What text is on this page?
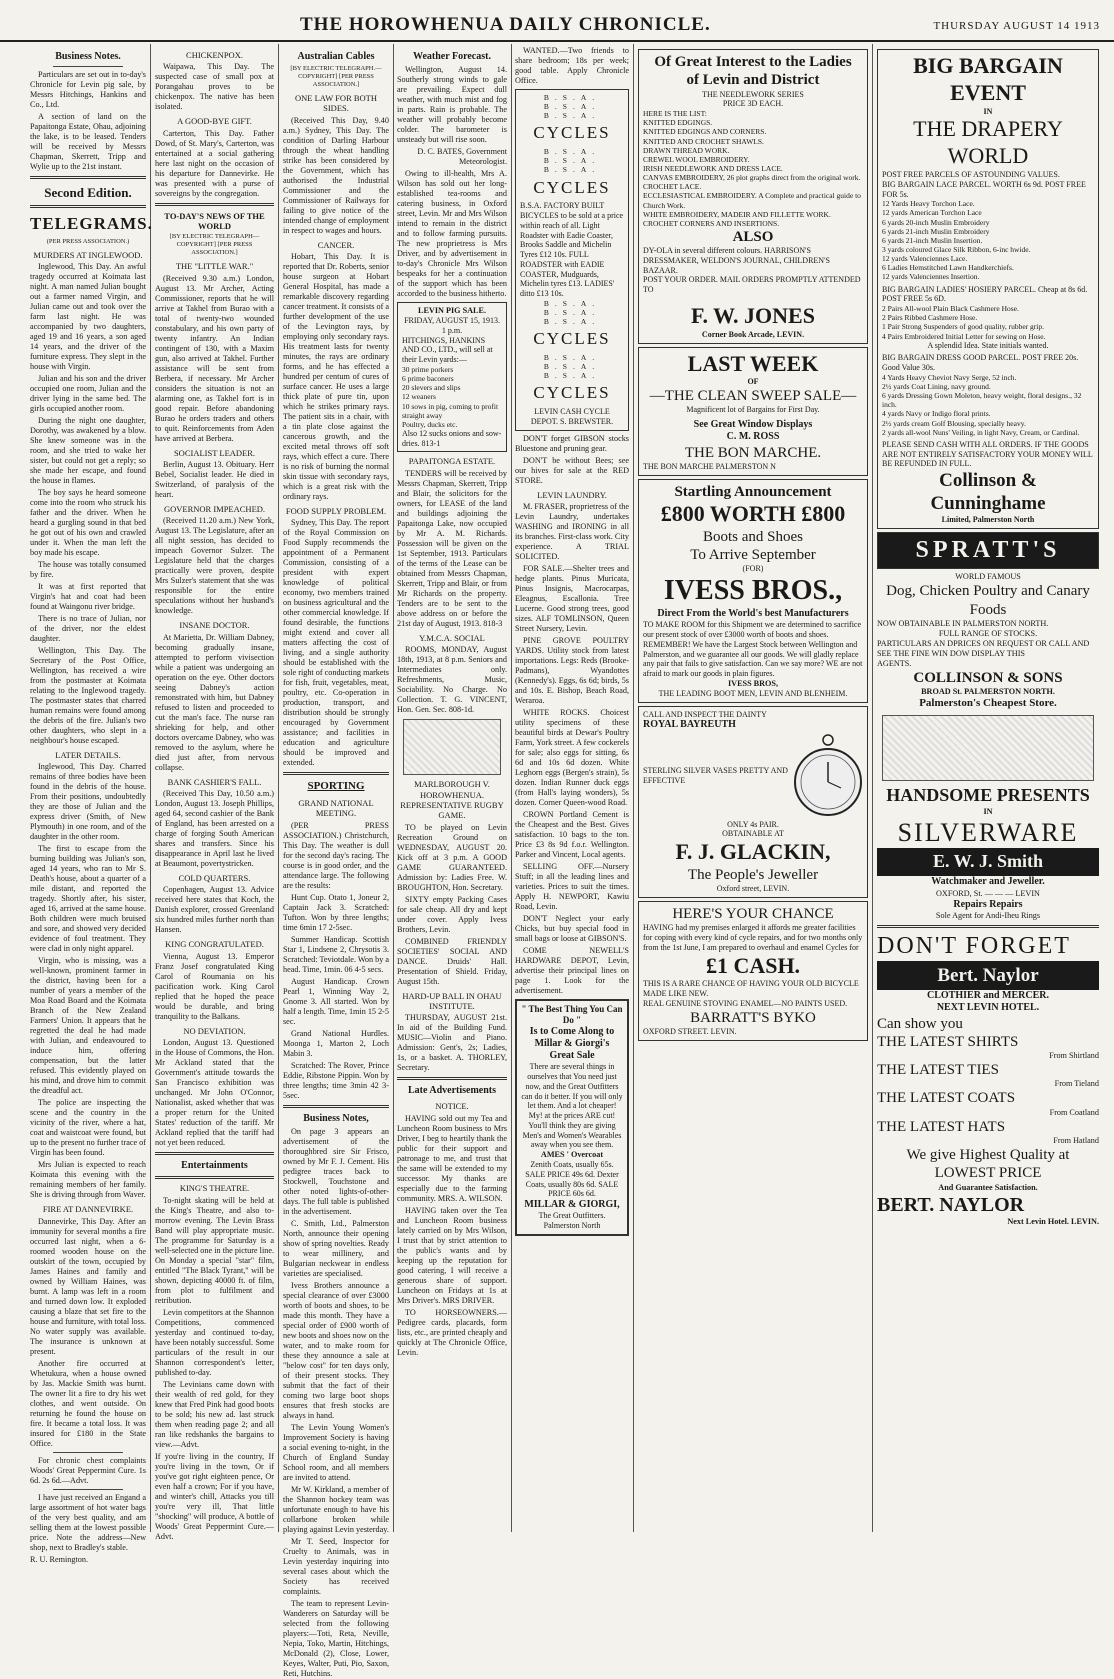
THE HOROWHENUA DAILY CHRONICLE.	THURSDAY AUGUST 14 1913
Business Notes.

Particulars are set out in to-day's Chronicle for Levin pig sale, by Messrs Hitchings, Hankins and Co., Ltd.

A section of land on the Papaitonga Estate, Ohau, adjoining the lake, is to be leased. Tenders will be received by Messrs Chapman, Skerrett, Tripp and Wylie up to the 21st instant.

Second Edition.
TELEGRAMS.
(PER PRESS ASSOCIATION.)
MURDERS AT INGLEWOOD.

Inglewood, This Day. An awful tragedy occurred at Koimata last night. A man named Julian bought out a farmer named Virgin, and Julian came out and took over the farm last night. He was accompanied by two daughters, aged 19 and 16 years, a son aged 14 years, and the driver of the furniture express. They slept in the house with Virgin.

Julian and his son and the driver occupied one room, Julian and the driver lying in the same bed. The girls occupied another room.

During the night one daughter, Dorothy, was awakened by a blow. She knew someone was in the room, and she tried to wake her sister, but could not get a reply; so she made her escape, and found the house in flames.

The boy says he heard someone come into the room who struck his father and the driver. When he heard a gurgling sound in that bed he got out of his own and crawled under it. When the man left the boy made his escape.

The house was totally consumed by fire.

It was at first reported that Virgin's hat and coat had been found at Waingonu river bridge.

There is no trace of Julian, nor of the driver, nor the eldest daughter.

Wellington, This Day. The Secretary of the Post Office, Wellington, has received a wire from the postmaster at Koimata relating to the Inglewood tragedy. The postmaster states that charred human remains were found among the debris of the fire. Julian's two other daughters, who slept in a neighbour's house escaped.

LATER DETAILS.

Inglewood, This Day. Charred remains of three bodies have been found in the debris of the house. From their positions, undoubtedly they are those of Julian and the express driver (Smith, of New Plymouth) in one room, and of the daughter in the other room.

The first to escape from the burning building was Julian's son, aged 14 years, who ran to Mr S. Death's house, about a quarter of a mile distant, and reported the tragedy. Shortly after, his sister, aged 16, arrived at the same house. Both children were much bruised and sore, and showed very decided evidence of foul treatment. They were clad in only night apparel.

Virgin, who is missing, was a well-known, prominent farmer in the district, having been for a number of years a member of the Moa Road Board and the Koimata Branch of the New Zealand Farmers' Union. It appears that he regretted the deal he had made with Julian, and endeavoured to induce him, offering compensation, but the latter refused. This evidently played on his mind, and drove him to commit the dreadful act.

The police are inspecting the scene and the country in the vicinity of the river, where a hat, coat and waistcoat were found, but up to the present no further trace of Virgin has been found.

Mrs Julian is expected to reach Koimata this evening with the remaining members of her family. She is driving through from Waver.

FIRE AT DANNEVIRKE.

Dannevirke, This Day. After an immunity for several months a fire occurred last night, when a 6-roomed wooden house on the outskirt of the town, occupied by James Haines and family and owned by William Haines, was burnt. A lamp was left in a room and turned down low. It exploded causing a blaze that set fire to the house and furniture, with total loss. No water supply was available. The insurance is unknown at present.

Another fire occurred at Whetukura, when a house owned by Jas. Mackie Smith was burnt. The owner lit a fire to dry his wet clothes, and went outside. On returning he found the house on fire. It became a total loss. It was insured for £180 in the State Office.

For chronic chest complaints Woods' Great Peppermint Cure. 1s 6d. 2s 6d.—Advt.

I have just received an Engand a large assortment of hot water bags of the very best quality, and am selling them at the lowest possible price. Note the address—New shop, next to Bradley's stable.

R. U. Remington.

CHICKENPOX.

Waipawa, This Day. The suspected case of small pox at Porangahau proves to be chickenpox. The native has been isolated.

A GOOD-BYE GIFT.

Carterton, This Day. Father Dowd, of St. Mary's, Carterton, was entertained at a social gathering here last night on the occasion of his departure for Dannevirke. He was presented with a purse of sovereigns by the congregation.

TO-DAY'S NEWS OF THE WORLD
[BY ELECTRIC TELEGRAPH—COPYRIGHT] [PER PRESS ASSOCIATION.]
THE "LITTLE WAR."

(Received 9.30 a.m.) London, August 13. Mr Archer, Acting Commissioner, reports that he will arrive at Takhel from Burao with a total of twenty-two wounded constabulary, and his own party of twenty infantry. An Indian contingent of 130, with a Maxim gun, also arrived at Takhel. Further assistance will be sent from Berbera, if necessary. Mr Archer considers the situation is not an alarming one, as Takhel fort is in good repair. Before abandoning Burao he orders traders and others to quit. Reinforcements from Aden have arrived at Berbera.

SOCIALIST LEADER.

Berlin, August 13. Obituary. Herr Bebel, Socialist leader. He died in Switzerland, of paralysis of the heart.

GOVERNOR IMPEACHED.

(Received 11.20 a.m.) New York, August 13. The Legislature, after an all night session, has decided to impeach Governor Sulzer. The Legislature held that the charges practically were proven, despite Mrs Sulzer's statement that she was responsible for the entire speculations without her husband's knowledge.

INSANE DOCTOR.

At Marietta, Dr. William Dabney, becoming gradually insane, attempted to perform vivisection while a patient was undergoing an operation on the eye. Other doctors seeing Dabney's action remonstrated with him, but Dabney refused to listen and proceeded to cut the man's face. The nurse ran shrieking for help, and other doctors overcame Dabney, who was removed to the asylum, where he died just after, from nervous collapse.

BANK CASHIER'S FALL.

(Received This Day, 10.50 a.m.) London, August 13. Joseph Phillips, aged 64, second cashier of the Bank of England, has been arrested on a charge of forging South American shares and transfers. Since his disappearance in April last he lived at Beaumont, povertystricken.

COLD QUARTERS.

Copenhagen, August 13. Advice received here states that Koch, the Danish explorer, crossed Greenland six hundred miles further north than Hansen.

KING CONGRATULATED.

Vienna, August 13. Emperor Franz Josef congratulated King Carol of Roumania on his pacification work. King Carol replied that he hoped the peace would be durable, and bring tranquility to the Balkans.

NO DEVIATION.

London, August 13. Questioned in the House of Commons, the Hon. Mr Ackland stated that the Government's attitude towards the San Francisco exhibition was unchanged. Mr John O'Connor, Nationalist, asked whether that was a proper return for the United States' reduction of the tariff. Mr Ackland replied that the tariff had not yet been reduced.

Entertainments
KING'S THEATRE.

To-night skating will be held at the King's Theatre, and also to-morrow evening. The Levin Brass Band will play appropriate music. The programme for Saturday is a well-selected one in the picture line. On Monday a special "star" film, entitled "The Black Tyrant," will be shown, depicting 40000 ft. of film, from plot to fulfilment and retribution.

Levin competitors at the Shannon Competitions, commenced yesterday and continued to-day, have been notably successful. Some particulars of the result in our Shannon correspondent's letter, published to-day.

The Levinians came down with their wealth of red gold, for they knew that Fred Pink had good boots to be sold; his new ad. last struck them when reading page 2; and all ran like redshanks the bargains to view.—Advt.

If you're living in the country, If you're living in the town, Or if you've got right eighteen pence, Or even half a crown; For if you have, and winter's chill, Attacks you till you're very ill, That little "shocking" will produce, A bottle of Woods' Great Peppermint Cure.—Advt.

Australian Cables
[BY ELECTRIC TELEGRAPH.—COPYRIGHT] [PER PRESS ASSOCIATION.]
ONE LAW FOR BOTH SIDES.

(Received This Day, 9.40 a.m.) Sydney, This Day. The condition of Darling Harbour through the wheat handling strike has been considered by the Government, which has authorised the Industrial Commissioner and the Commissioner of Railways for failing to give notice of the intended change of employment in respect to wages and hours.

CANCER.

Hobart, This Day. It is reported that Dr. Roberts, senior house surgeon at Hobart General Hospital, has made a remarkable discovery regarding cancer treatment. It consists of a further development of the use of the Levington rays, by employing only secondary rays. His treatment lasts for twenty minutes, the rays are ordinary forms, and he has effected a hundred per centum of cures of surface cancer. He uses a large thick plate of pure tin, upon which he strikes primary rays. The patient sits in a chair, with a tin plate close against the cancerous growth, and the excited metal throws off soft rays, which effect a cure. There is no risk of burning the normal skin tissue with secondary rays, which is a great risk with the ordinary rays.

FOOD SUPPLY PROBLEM.

Sydney, This Day. The report of the Royal Commission on Food Supply recommends the appointment of a Permanent Commission, consisting of a president with expert knowledge of political economy, two members trained on business agricultural and the other commercial knowledge. If found desirable, the functions might extend and cover all matters affecting the cost of living, and a single authority should be established with the sole right of conducting markets for fish, fruit, vegetables, meat, poultry, etc. Co-operation in production, transport, and distribution should be strongly encouraged by Government assistance; and facilities in education and agriculture should be improved and extended.

SPORTING
GRAND NATIONAL MEETING.

(PER PRESS ASSOCIATION.) Christchurch, This Day. The weather is dull for the second day's racing. The course is in good order, and the attendance large. The following are the results:

Hunt Cup. Otato 1, Joneur 2, Captain Jack 3. Scratched: Tufton. Won by three lengths; time 6min 17 2-5sec.

Summer Handicap. Scottish Star 1, Lindsene 2, Chrysotis 3. Scratched: Teviotdale. Won by a head. Time, 1min. 06 4-5 secs.

August Handicap. Crown Pearl 1, Winning Way 2, Gnome 3. All started. Won by half a length. Time, 1min 15 2-5 sec.

Grand National Hurdles. Moonga 1, Marton 2, Loch Mabin 3.

Scratched: The Rover, Prince Eddie, Ribstone Pippin. Won by three lengths; time 3min 42 3-5sec.

Business Notes,

On page 3 appears an advertisement of the thoroughbred sire Sir Frisco, owned by Mr F. J. Cement. His pedigree traces back to Stockwell, Touchstone and other noted lights-of-other-days. The full table is published in the advertisement.

C. Smith, Ltd., Palmerston North, announce their opening show of spring novelties. Ready to wear millinery, and Bulgarian neckwear in endless varieties are specialised.

Ivess Brothers announce a special clearance of over £3000 worth of boots and shoes, to be made this month. They have a special order of £900 worth of new boots and shoes now on the water, and to make room for these they announce a sale at "below cost" for ten days only, of their present stocks. They submit that the fact of their coming two large boot shops ensures that fresh stocks are always in hand.

The Levin Young Women's Improvement Society is having a social evening to-night, in the Church of England Sunday School room, and all members are invited to attend.

Mr W. Kirkland, a member of the Shannon hockey team was unfortunate enough to have his collarbone broken while playing against Levin yesterday.

Mr T. Seed, Inspector for Cruelty to Animals, was in Levin yesterday inquiring into several cases about which the Society has received complaints.

The team to represent Levin-Wanderers on Saturday will be selected from the following players:—Toti, Reta, Neville, Nepia, Toko, Martin, Hitchings, McDonald (2), Close, Lower, Keyes, Walter, Puti, Pio, Saxon, Reti, Hutchins.

Weather Forecast.

Wellington, August 14. Southerly strong winds to gale are prevailing. Expect dull weather, with much mist and fog in parts. Rain is probable. The weather will probably become colder. The barometer is unsteady but will rise soon.

D. C. BATES, Government Meteorologist.

Owing to ill-health, Mrs A. Wilson has sold out her long-established tea-rooms and catering business, in Oxford street, Levin. Mr and Mrs Wilson intend to remain in the district and to follow farming pursuits. The new proprietress is Mrs Driver, and by advertisement in to-day's Chronicle Mrs Wilson bespeaks for her a continuation of the support which has been accorded to the business hitherto.

LEVIN PIG SALE.
FRIDAY, AUGUST 15, 1913.
1 p.m.
HITCHINGS, HANKINS AND CO., LTD., will sell at their Levin yards:—
30 prime porkers
6 prime baconers
20 slevers and slips
12 weaners
10 sows in pig, coming to profit straight away
Poultry, ducks etc.
Also 12 sucks onions and sow-dries. 813-1
PAPAITONGA ESTATE.

TENDERS will be received by Messrs Chapman, Skerrett, Tripp and Blair, the solicitors for the owners, for LEASE of the land and buildings adjoining the Papaitonga Lake, now occupied by Mr A. M. Richards. Possession will be given on the 1st September, 1913. Particulars of the terms of the Lease can be obtained from Messrs Chapman, Skerrett, Tripp and Blair, or from Mr Richards on the property. Tenders are to be sent to the above address on or before the 21st day of August, 1913. 818-3

Y.M.C.A. SOCIAL

ROOMS, MONDAY, August 18th, 1913, at 8 p.m. Seniors and Intermediates only. Refreshments, Music, Sociability. No Charge. No Collection. T. G. VINCENT, Hon. Gen. Sec. 808-1d.

MARLBOROUGH V. HOROWHENUA. REPRESENTATIVE RUGBY GAME.

TO be played on Levin Recreation Ground on WEDNESDAY, AUGUST 20. Kick off at 3 p.m. A GOOD GAME GUARANTEED. Admission by: Ladies Free. W. BROUGHTON, Hon. Secretary.

SIXTY empty Packing Cases for sale cheap. All dry and kept under cover. Apply Ivess Brothers, Levin.

COMBINED FRIENDLY SOCIETIES' SOCIAL AND DANCE. Druids' Hall. Presentation of Shield. Friday, August 15th.

HARD-UP BALL IN OHAU INSTITUTE.

THURSDAY, AUGUST 21st. In aid of the Building Fund. MUSIC—Violin and Piano. Admission: Gent's, 2s; Ladies, 1s, or a basket. A. THORLEY, Secretary.

Late Advertisements
NOTICE.

HAVING sold out my Tea and Luncheon Room business to Mrs Driver, I beg to heartily thank the public for their support and patronage to me, and trust that the same will be extended to my successor. My thanks are especially due to the farming community. MRS. A. WILSON.

HAVING taken over the Tea and Luncheon Room business lately carried on by Mrs Wilson, I trust that by strict attention to the public's wants and by keeping up the reputation for good catering, I will receive a generous share of support. Luncheon on Fridays at 1s at Mrs Driver's. MRS DRIVER.

TO HORSEOWNERS.—Pedigree cards, placards, form lists, etc., are printed cheaply and quickly at The Chronicle Office, Levin.

WANTED.—Two friends to share bedroom; 18s per week; good table. Apply Chronicle Office.

B.S.A. B.S.A. B.S.A.
CYCLES
B.S.A. B.S.A. B.S.A.
CYCLES
B.S.A. FACTORY BUILT BICYCLES to be sold at a price within reach of all. Light Roadster with Eadie Coaster, Brooks Saddle and Michelin Tyres £12 10s. FULL ROADSTER with EADIE COASTER, Mudguards, Michelin tyres £13. LADIES' ditto £13 10s.
B.S.A. B.S.A. B.S.A.
CYCLES
B.S.A. B.S.A. B.S.A.
CYCLES
LEVIN CASH CYCLE DEPOT. S. BREWSTER.

DON'T forget GIBSON stocks Bluestone and pruning gear.

DON'T be without Bees; see our hives for sale at the RED STORE.

LEVIN LAUNDRY.

M. FRASER, proprietress of the Levin Laundry, undertakes WASHING and IRONING in all its branches. First-class work. City experience. A TRIAL SOLICITED.

FOR SALE.—Shelter trees and hedge plants. Pinus Muricata, Pinus Insignis, Macrocarpas, Eleagnus, Escallonia. Tree Lucerne. Good strong trees, good sizes. ALF TOMLINSON, Queen Street Nursery, Levin.

PINE GROVE POULTRY YARDS. Utility stock from latest importations. Legs: Reds (Brooke-Padmans), Wyandottes (Kennedy's). Eggs, 6s 6d; birds, 5s and 10s. E. Bishop, Beach Road, Weraroa.

WHITE ROCKS. Choicest utility specimens of these beautiful birds at Dewar's Poultry Farm, York street. A few cockerels for sale; also eggs for sitting, 6s 6d and 10s 6d dozen. White Leghorn eggs (Bergen's strain), 5s dozen. Indian Runner duck eggs (from Hall's laying wonders), 5s dozen. Corner Queen-wood Road.

CROWN Portland Cement is the Cheapest and the Best. Gives satisfaction. 10 bags to the ton. Price £3 8s 9d f.o.r. Wellington. Parker and Vincent, Local agents.

SELLING OFF.—Nursery Stuff; in all the leading lines and varieties. Prices to suit the times. Apply H. NEWPORT, Kawiu Road, Levin.

DON'T Neglect your early Chicks, but buy special food in small bags or loose at GIBSON'S.

COME NEWELL'S HARDWARE DEPOT, Levin, advertise their principal lines on page 1. Look for the advertisement.

" The Best Thing You Can Do "
Is to Come Along to Millar & Giorgi's Great Sale
There are several things in ourselves that You need just now, and the Great Outfitters can do it better. If you will only let them. And a lot cheaper! My! at the prices ARE cut! You'll think they are giving Men's and Women's Wearables away when you see them.
AMES ' Overcoat
Zenith Coats, usually 65s. SALE PRICE 49s 6d. Dexter Coats, usually 80s 6d. SALE PRICE 60s 6d.
MILLAR & GIORGI,
The Great Outfitters. Palmerston North
Of Great Interest to the Ladies
of Levin and District
THE NEEDLEWORK SERIES
PRICE 3D EACH.
HERE IS THE LIST:
KNITTED EDGINGS.
KNITTED EDGINGS AND CORNERS.
KNITTED AND CROCHET SHAWLS.
DRAWN THREAD WORK.
CREWEL WOOL EMBROIDERY.
IRISH NEEDLEWORK AND DRESS LACE.
CANVAS EMBROIDERY, 26 plot graphs direct from the original work.
CROCHET LACE.
ECCLESIASTICAL EMBROIDERY. A Complete and practical guide to Church Work.
WHITE EMBROIDERY, MADEIR AND FILLETTE WORK.
CROCHET CORNERS AND INSERTIONS.
ALSO
DY-OLA in several different colours. HARRISON'S DRESSMAKER, WELDON'S JOURNAL, CHILDREN'S BAZAAR.
POST YOUR ORDER. MAIL ORDERS PROMPTLY ATTENDED TO
F. W. JONES
Corner Book Arcade, LEVIN.
LAST WEEK
OF
—THE CLEAN SWEEP SALE—
Magnificent lot of Bargains for First Day.
See Great Window Displays
C. M. ROSS
THE BON MARCHE.
THE BON MARCHE PALMERSTON N
Startling Announcement
£800 WORTH £800
Boots and Shoes
To Arrive September
(FOR)
IVESS BROS.,
Direct From the World's best Manufacturers
TO MAKE ROOM for this Shipment we are determined to sacrifice our present stock of over £3000 worth of boots and shoes. REMEMBER! We have the Largest Stock between Wellington and Palmerston, and we guarantee all our goods. We will gladly replace any pair that fails to give satisfaction. Can we say more? WE are not afraid to mark our goods in plain figures.
IVESS BROS,
THE LEADING BOOT MEN, LEVIN AND BLENHEIM.
CALL AND INSPECT THE DAINTY
ROYAL BAYREUTH
STERLING SILVER VASES PRETTY AND EFFECTIVE
ONLY 4s PAIR.
OBTAINABLE AT
F. J. GLACKIN,
The People's Jeweller
Oxford street, LEVIN.
HERE'S YOUR CHANCE
HAVING had my premises enlarged it affords me greater facilities for coping with every kind of cycle repairs, and for two months only from the 1st June, I am prepared to overhaul and enamel Cycles for
£1 CASH.
THIS IS A RARE CHANCE OF HAVING YOUR OLD BICYCLE MADE LIKE NEW.
REAL GENUINE STOVING ENAMEL—NO PAINTS USED.
BARRATT'S BYKO
OXFORD STREET. LEVIN.
BIG BARGAIN EVENT
IN
THE DRAPERY WORLD
POST FREE PARCELS OF ASTOUNDING VALUES.
BIG BARGAIN LACE PARCEL. WORTH 6s 9d. POST FREE FOR 5s.
12 Yards Heavy Torchon Lace.
12 yards American Torchon Lace
6 yards 20-inch Muslin Embroidery
6 yards 21-inch Muslin Embroidery
6 yards 21-inch Muslin Insertion.
3 yards coloured Glace Silk Ribbon, 6-inc hwide.
12 yards Valenciennes Lace.
6 Ladies Hemstitched Lawn Handkerchiefs.
12 yards Valenciennes Insertion.
BIG BARGAIN LADIES' HOSIERY PARCEL. Cheap at 8s 6d. POST FREE 5s 6D.
2 Pairs All-wool Plain Black Cashmere Hose.
2 Pairs Ribbed Cashmere Hose.
1 Pair Strong Suspenders of good quality, rubber grip.
4 Pairs Embroidered Initial Letter for sewing on Hose.
A splendid Idea. State initials wanted.
BIG BARGAIN DRESS GOOD PARCEL. POST FREE 20s. Good Value 30s.
4 Yards Heavy Cheviot Navy Serge, 52 inch.
2½ yards Coat Lining, navy ground.
6 yards Dressing Gown Moleton, heavy weight, floral designs., 32 inch.
4 yards Navy or Indigo floral prints.
2½ yards cream Golf Blousing, specially heavy.
2 yards all-wool Nuns' Veiling, in light Navy, Cream, or Cardinal.
PLEASE SEND CASH WITH ALL ORDERS. IF THE GOODS ARE NOT ENTIRELY SATISFACTORY YOUR MONEY WILL BE REFUNDED IN FULL.
Collinson & Cunninghame
Limited, Palmerston North
SPRATT'S
WORLD FAMOUS
Dog, Chicken Poultry and Canary Foods
NOW OBTAINABLE IN PALMERSTON NORTH.
FULL RANGE OF STOCKS.
PARTICULARS AN DPRICES ON REQUEST OR CALL AND SEE THE FINE WIN DOW DISPLAY THIS
AGENTS.
COLLINSON & SONS
BROAD St. PALMERSTON NORTH.
Palmerston's Cheapest Store.
HANDSOME PRESENTS
IN
SILVERWARE
E. W. J. Smith
Watchmaker and Jeweller.
OXFORD, St. — — — LEVIN
Repairs Repairs
Sole Agent for Andi-Iheu Rings
DON'T FORGET
Bert. Naylor
CLOTHIER and MERCER.
NEXT LEVIN HOTEL.
Can show you
THE LATEST SHIRTS
From Shirtland
THE LATEST TIES
From Tieland
THE LATEST COATS
From Coatland
THE LATEST HATS
From Hatland
We give Highest Quality at LOWEST PRICE
And Guarantee Satisfaction.
BERT. NAYLOR
Next Levin Hotel. LEVIN.
